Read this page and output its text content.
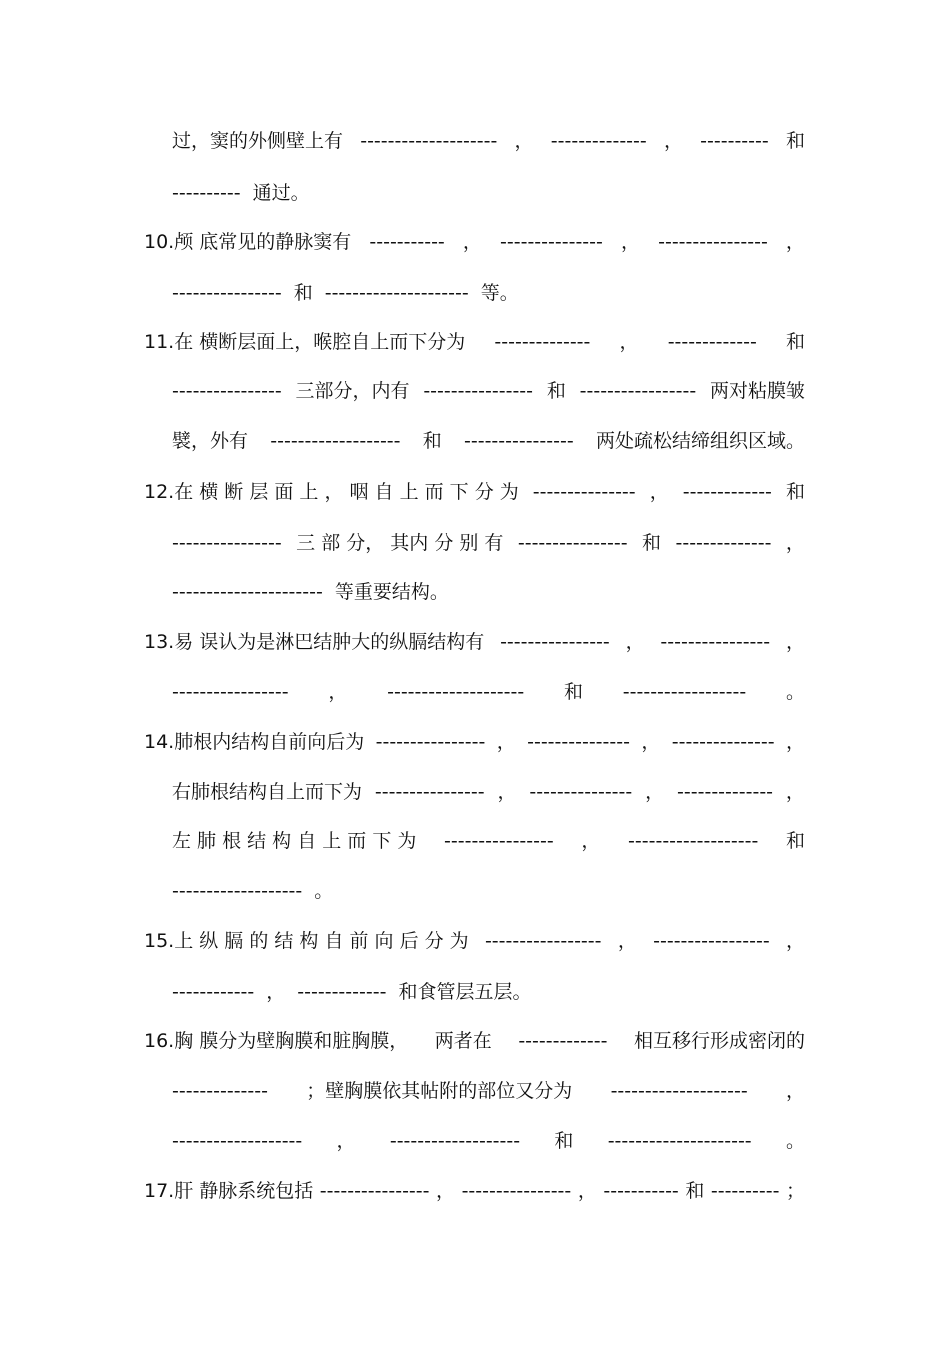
过，窦的外侧壁上有 -------------------- ， -------------- ， ---------- 和
---------- 通过。
10.颅 底常见的静脉窦有 ----------- ， --------------- ， ---------------- ，
---------------- 和 --------------------- 等。
11.在 横断层面上，喉腔自上而下分为 -------------- ， ------------- 和
---------------- 三部分，内有 ---------------- 和 ----------------- 两对粘膜皱
襞，外有 ------------------- 和 ---------------- 两处疏松结缔组织区域。
12.在 横 断 层 面 上 ， 咽 自 上 而 下 分 为 --------------- ， ------------- 和
---------------- 三 部 分， 其内 分 别 有 ---------------- 和 -------------- ，
---------------------- 等重要结构。
13.易 误认为是淋巴结肿大的纵膈结构有 ---------------- ， ---------------- ，
----------------- ， -------------------- 和 ------------------ 。
14.肺根内结构自前向后为 ---------------- ， --------------- ， --------------- ，
右肺根结构自上而下为 ---------------- ， --------------- ， -------------- ，
左 肺 根 结 构 自 上 而 下 为 ---------------- ， ------------------- 和
------------------- 。
15.上 纵 膈 的 结 构 自 前 向 后 分 为 ----------------- ， ----------------- ，
------------ ， ------------- 和食管层五层。
16.胸 膜分为壁胸膜和脏胸膜， 两者在 ------------- 相互移行形成密闭的
-------------- ；壁胸膜依其帖附的部位又分为 -------------------- ，
------------------- ， ------------------- 和 --------------------- 。
17.肝 静脉系统包括 ---------------- ， ---------------- ， ----------- 和 ---------- ；
